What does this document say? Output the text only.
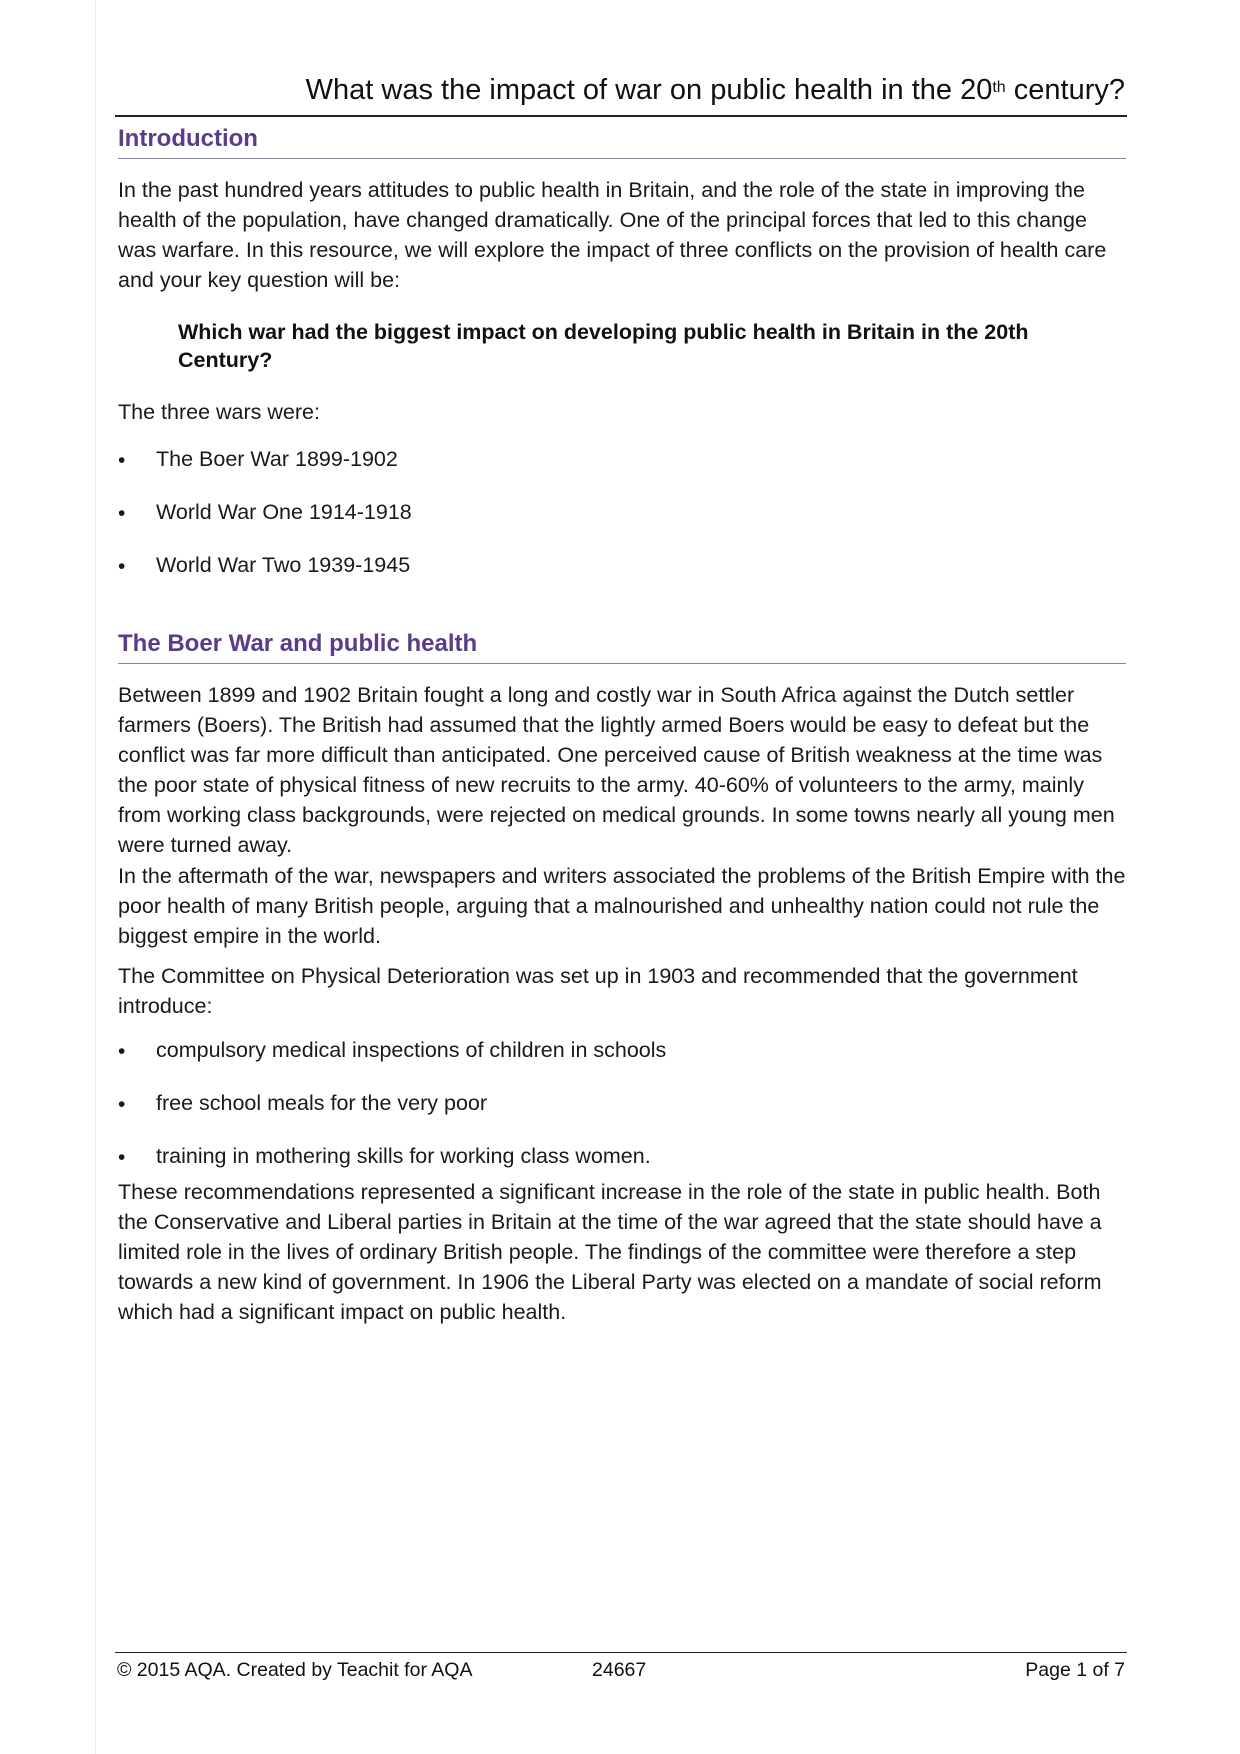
What was the impact of war on public health in the 20th century?
Introduction

In the past hundred years attitudes to public health in Britain, and the role of the state in improving the health of the population, have changed dramatically. One of the principal forces that led to this change was warfare. In this resource, we will explore the impact of three conflicts on the provision of health care and your key question will be:

Which war had the biggest impact on developing public health in Britain in the 20th Century?

The three wars were:

• The Boer War 1899-1902
• World War One 1914-1918
• World War Two 1939-1945
The Boer War and public health

Between 1899 and 1902 Britain fought a long and costly war in South Africa against the Dutch settler farmers (Boers). The British had assumed that the lightly armed Boers would be easy to defeat but the conflict was far more difficult than anticipated. One perceived cause of British weakness at the time was the poor state of physical fitness of new recruits to the army. 40-60% of volunteers to the army, mainly from working class backgrounds, were rejected on medical grounds. In some towns nearly all young men were turned away.

In the aftermath of the war, newspapers and writers associated the problems of the British Empire with the poor health of many British people, arguing that a malnourished and unhealthy nation could not rule the biggest empire in the world.

The Committee on Physical Deterioration was set up in 1903 and recommended that the government introduce:

• compulsory medical inspections of children in schools
• free school meals for the very poor
• training in mothering skills for working class women.

These recommendations represented a significant increase in the role of the state in public health. Both the Conservative and Liberal parties in Britain at the time of the war agreed that the state should have a limited role in the lives of ordinary British people. The findings of the committee were therefore a step towards a new kind of government. In 1906 the Liberal Party was elected on a mandate of social reform which had a significant impact on public health.

© 2015 AQA. Created by Teachit for AQA	24667	Page 1 of 7
